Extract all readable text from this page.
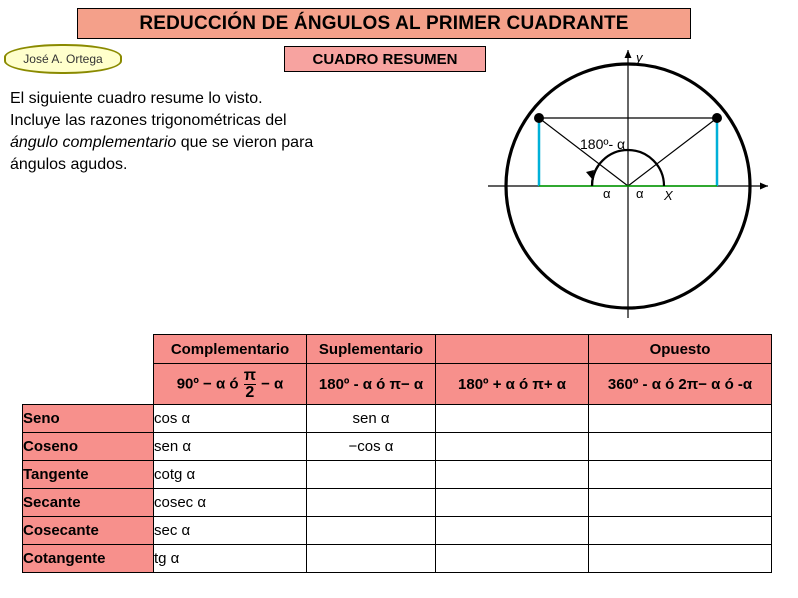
REDUCCIÓN DE ÁNGULOS AL PRIMER CUADRANTE
CUADRO RESUMEN
José A. Ortega
El siguiente cuadro resume lo visto.
Incluye las razones trigonométricas del
ángulo complementario que se vieron para
ángulos agudos.
X
y
α
α
180º- α
	Complementario	Suplementario		Opuesto
	90º − α ó $\frac{\pi}{2} - \alpha$	180º - α ó π− α	180º + α ó π+ α	360º - α ó 2π− α ó -α
Seno	cos α	sen α		
Coseno	sen α	−cos α		
Tangente	cotg α			
Secante	cosec α			
Cosecante	sec α			
Cotangente	tg α			
